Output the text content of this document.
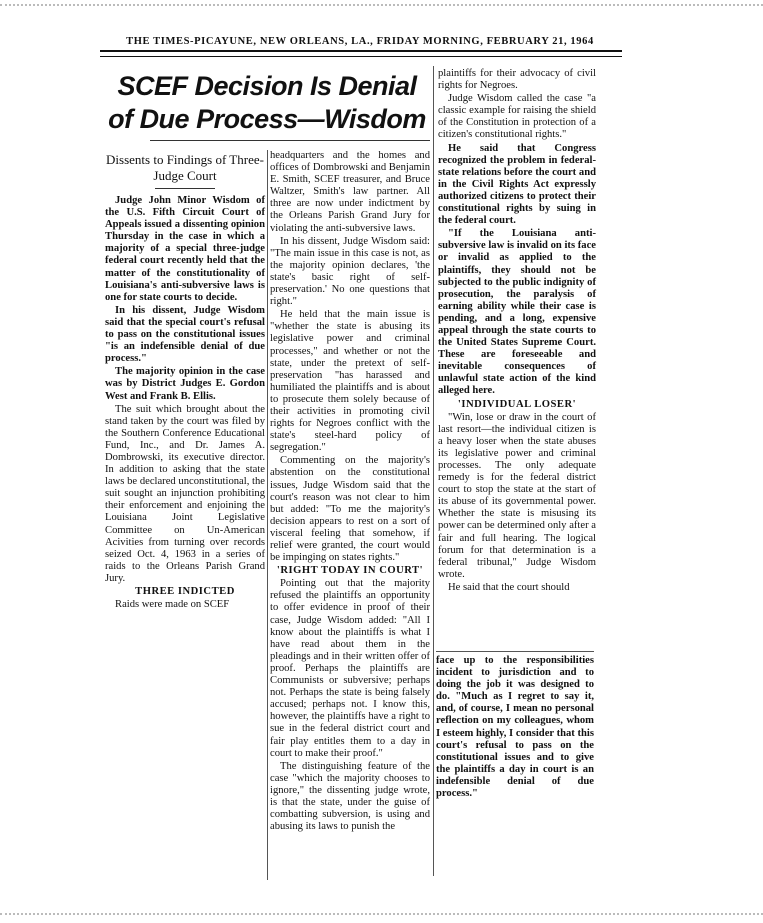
THE TIMES-PICAYUNE, NEW ORLEANS, LA., FRIDAY MORNING, FEBRUARY 21, 1964
SCEF Decision Is Denial
of Due Process—Wisdom
Dissents to Findings of Three-Judge Court

Judge John Minor Wisdom of the U.S. Fifth Circuit Court of Appeals issued a dissenting opinion Thursday in the case in which a majority of a special three-judge federal court recently held that the matter of the constitutionality of Louisiana's anti-subversive laws is one for state courts to decide.

In his dissent, Judge Wisdom said that the special court's refusal to pass on the constitutional issues "is an indefensible denial of due process."

The majority opinion in the case was by District Judges E. Gordon West and Frank B. Ellis.

The suit which brought about the stand taken by the court was filed by the Southern Conference Educational Fund, Inc., and Dr. James A. Dombrowski, its executive director. In addition to asking that the state laws be declared unconstitutional, the suit sought an injunction prohibiting their enforcement and enjoining the Louisiana Joint Legislative Committee on Un-American Acivities from turning over records seized Oct. 4, 1963 in a series of raids to the Orleans Parish Grand Jury.

THREE INDICTED

Raids were made on SCEF

headquarters and the homes and offices of Dombrowski and Benjamin E. Smith, SCEF treasurer, and Bruce Waltzer, Smith's law partner. All three are now under indictment by the Orleans Parish Grand Jury for violating the anti-subversive laws.

In his dissent, Judge Wisdom said: "The main issue in this case is not, as the majority opinion declares, 'the state's basic right of self-preservation.' No one questions that right."

He held that the main issue is "whether the state is abusing its legislative power and criminal processes," and whether or not the state, under the pretext of self-preservation "has harassed and humiliated the plaintiffs and is about to prosecute them solely because of their activities in promoting civil rights for Negroes conflict with the state's steel-hard policy of segregation."

Commenting on the majority's abstention on the constitutional issues, Judge Wisdom said that the court's reason was not clear to him but added: "To me the majority's decision appears to rest on a sort of visceral feeling that somehow, if relief were granted, the court would be impinging on states rights."

'RIGHT TODAY IN COURT'

Pointing out that the majority refused the plaintiffs an opportunity to offer evidence in proof of their case, Judge Wisdom added: "All I know about the plaintiffs is what I have read about them in the pleadings and in their written offer of proof. Perhaps the plaintiffs are Communists or subversive; perhaps not. Perhaps the state is being falsely accused; perhaps not. I know this, however, the plaintiffs have a right to sue in the federal district court and fair play entitles them to a day in court to make their proof."

The distinguishing feature of the case "which the majority chooses to ignore," the dissenting judge wrote, is that the state, under the guise of combatting subversion, is using and abusing its laws to punish the

plaintiffs for their advocacy of civil rights for Negroes.

Judge Wisdom called the case "a classic example for raising the shield of the Constitution in protection of a citizen's constitutional rights."

He said that Congress recognized the problem in federal-state relations before the court and in the Civil Rights Act expressly authorized citizens to protect their constitutional rights by suing in the federal court.

"If the Louisiana anti-subversive law is invalid on its face or invalid as applied to the plaintiffs, they should not be subjected to the public indignity of prosecution, the paralysis of earning ability while their case is pending, and a long, expensive appeal through the state courts to the United States Supreme Court. These are foreseeable and inevitable consequences of unlawful state action of the kind alleged here.

'INDIVIDUAL LOSER'

"Win, lose or draw in the court of last resort—the individual citizen is a heavy loser when the state abuses its legislative power and criminal processes. The only adequate remedy is for the federal district court to stop the state at the start of its abuse of its governmental power. Whether the state is misusing its power can be determined only after a fair and full hearing. The logical forum for that determination is a federal tribunal," Judge Wisdom wrote.

He said that the court should

face up to the responsibilities incident to jurisdiction and to doing the job it was designed to do. "Much as I regret to say it, and, of course, I mean no personal reflection on my colleagues, whom I esteem highly, I consider that this court's refusal to pass on the constitutional issues and to give the plaintiffs a day in court is an indefensible denial of due process."
